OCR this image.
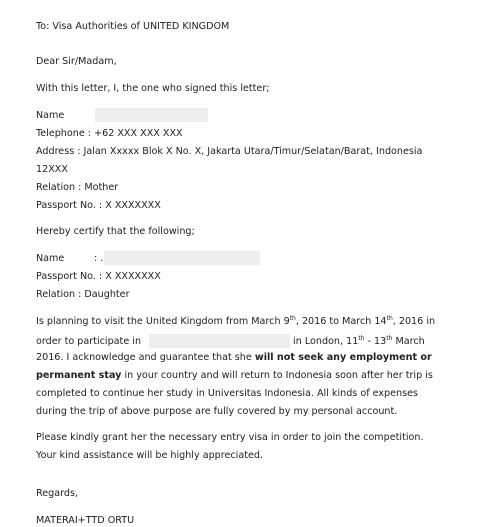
To: Visa Authorities of UNITED KINGDOM
Dear Sir/Madam,
With this letter, I, the one who signed this letter;
Name
Telephone : +62 XXX XXX XXX
Address : Jalan Xxxxx Blok X No. X, Jakarta Utara/Timur/Selatan/Barat, Indonesia
12XXX
Relation : Mother
Passport No. : X XXXXXXX
Hereby certify that the following;
Name	: .
Passport No. : X XXXXXXX
Relation : Daughter
Is planning to visit the United Kingdom from March 9th, 2016 to March 14th, 2016 in
order to participate in	in London, 11th - 13th March
2016. I acknowledge and guarantee that she will not seek any employment or
permanent stay in your country and will return to Indonesia soon after her trip is
completed to continue her study in Universitas Indonesia. All kinds of expenses
during the trip of above purpose are fully covered by my personal account.
Please kindly grant her the necessary entry visa in order to join the competition.
Your kind assistance will be highly appreciated.
Regards,
MATERAI+TTD ORTU
